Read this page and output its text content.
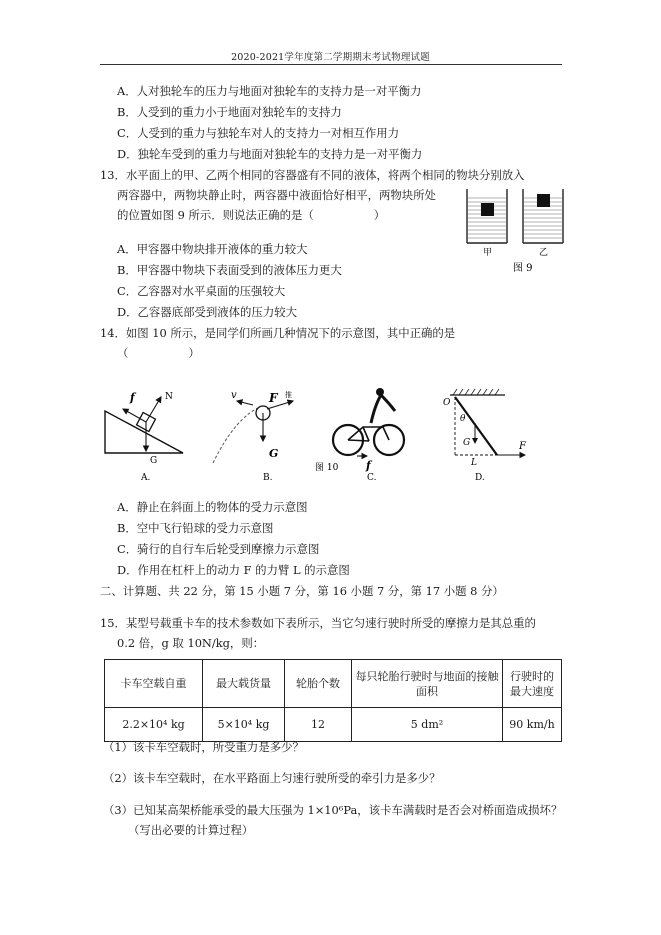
2020-2021学年度第二学期期末考试物理试题
A．人对独轮车的压力与地面对独轮车的支持力是一对平衡力
B．人受到的重力小于地面对独轮车的支持力
C．人受到的重力与独轮车对人的支持力一对相互作用力
D．独轮车受到的重力与地面对独轮车的支持力是一对平衡力
13．水平面上的甲、乙两个相同的容器盛有不同的液体，将两个相同的物块分别放入
两容器中，两物块静止时，两容器中液面恰好相平，两物块所处
的位置如图 9 所示．则说法正确的是（	）
甲	乙
图 9
A．甲容器中物块排开液体的重力较大
B．甲容器中物块下表面受到的液体压力更大
C．乙容器对水平桌面的压强较大
D．乙容器底部受到液体的压力较大
14．如图 10 所示，是同学们所画几种情况下的示意图，其中正确的是
（	）
f	N
G
A.
v	F 推
G
B.
f
图 10
C.
O
θ
G
L
F
D.
A．静止在斜面上的物体的受力示意图
B．空中飞行铅球的受力示意图
C．骑行的自行车后轮受到摩擦力示意图
D．作用在杠杆上的动力 F 的力臂 L 的示意图
二、计算题、共 22 分，第 15 小题 7 分，第 16 小题 7 分，第 17 小题 8 分）
15．某型号载重卡车的技术参数如下表所示，当它匀速行驶时所受的摩擦力是其总重的
0.2 倍，g 取 10N/kg，则：
卡车空载自重	最大载货量	轮胎个数	每只轮胎行驶时与地面的接触面积	行驶时的最大速度
2.2×10⁴ kg	5×10⁴ kg	12	5 dm²	90 km/h
（1）该卡车空载时，所受重力是多少？
（2）该卡车空载时，在水平路面上匀速行驶所受的牵引力是多少？
（3）已知某高架桥能承受的最大压强为 1×10⁶Pa，该卡车满载时是否会对桥面造成损坏？
（写出必要的计算过程）
